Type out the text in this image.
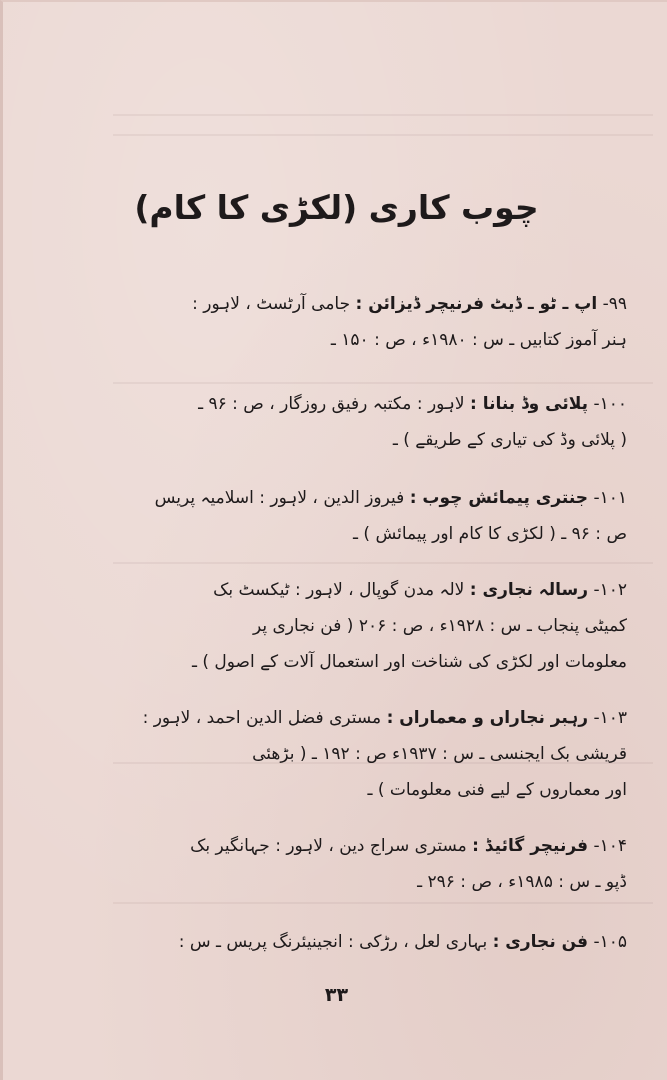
چوب کاری (لکڑی کا کام)
۹۹- اپ ـ ٹو ـ ڈیٹ فرنیچر ڈیزائن : جامی آرٹسٹ ، لاہور :
ہنر آموز کتابیں ـ س : ۱۹۸۰ء ، ص : ۱۵۰ ـ
۱۰۰- پلائی وڈ بنانا : لاہور : مکتبہ رفیق روزگار ، ص : ۹۶ ـ
( پلائی وڈ کی تیاری کے طریقے ) ـ
۱۰۱- جنتری پیمائش چوب : فیروز الدین ، لاہور : اسلامیہ پریس
ص : ۹۶ ـ ( لکڑی کا کام اور پیمائش ) ـ
۱۰۲- رسالہ نجاری : لالہ مدن گوپال ، لاہور : ٹیکسٹ بک
کمیٹی پنجاب ـ س : ۱۹۲۸ء ، ص : ۲۰۶ ( فن نجاری پر
معلومات اور لکڑی کی شناخت اور استعمال آلات کے اصول ) ـ
۱۰۳- رہبر نجاراں و معماراں : مستری فضل الدین احمد ، لاہور :
قریشی بک ایجنسی ـ س : ۱۹۳۷ء ص : ۱۹۲ ـ ( بڑھئی
اور معماروں کے لیے فنی معلومات ) ـ
۱۰۴- فرنیچر گائیڈ : مستری سراج دین ، لاہور : جہانگیر بک
ڈپو ـ س : ۱۹۸۵ء ، ص : ۲۹۶ ـ
۱۰۵- فن نجاری : بہاری لعل ، رڑکی : انجینیئرنگ پریس ـ س :
۳۳
